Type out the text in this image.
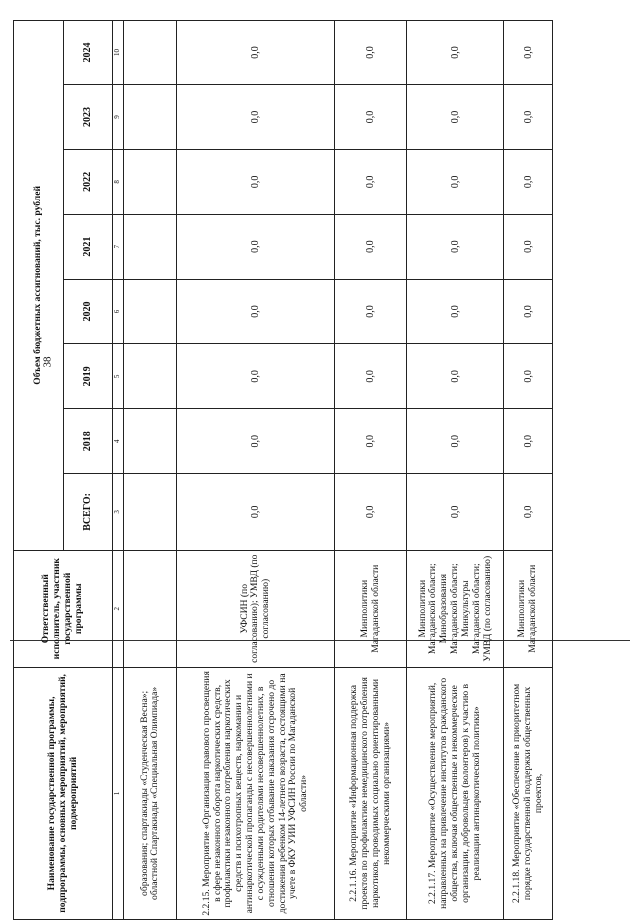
38
Наименование государственной программы, подпрограммы, основных мероприятий, мероприятий, подмероприятий	Ответственный исполнитель, участник государственной программы	Объем бюджетных ассигнований, тыс. рублей							
		ВСЕГО:	2018	2019	2020	2021	2022	2023	2024
1	2	3	4	5	6	7	8	9	10
образования; спартакиады «Студенческая Весна»; областной Спартакиады «Специальная Олимпиада»									
2.2.15. Мероприятие «Организация правового просвещения в сфере незаконного оборота наркотических средств, профилактики незаконного потребления наркотических средств и психотропных веществ, наркомании и антинаркотической пропаганды с несовершеннолетними и с осужденными родителями несовершеннолетних, в отношении которых отбывание наказания отсрочено до достижения ребенком 14-летнего возраста, состоящими на учете в ФКУ УИИ УФСИН России по Магаданской области»	УФСИН (по согласованию); УМВД (по согласованию)	0,0	0,0	0,0	0,0	0,0	0,0	0,0	0,0
2.2.1.16. Мероприятие «Информационная поддержка проектов по профилактике немедицинского потребления наркотиков, проводимых социально ориентированными некоммерческими организациями»	Минполитики Магаданской области	0,0	0,0	0,0	0,0	0,0	0,0	0,0	0,0
2.2.1.17. Мероприятие «Осуществление мероприятий, направленных на привлечение институтов гражданского общества, включая общественные и некоммерческие организации, добровольцев (волонтеров) к участию в реализации антинаркотической политики»	Минполитики Магаданской области; Минобразования Магаданской области; Минкультуры Магаданской области; УМВД (по согласованию)	0,0	0,0	0,0	0,0	0,0	0,0	0,0	0,0
2.2.1.18. Мероприятие «Обеспечение в приоритетном порядке государственной поддержки общественных проектов,	Минполитики Магаданской области	0,0	0,0	0,0	0,0	0,0	0,0	0,0	0,0
